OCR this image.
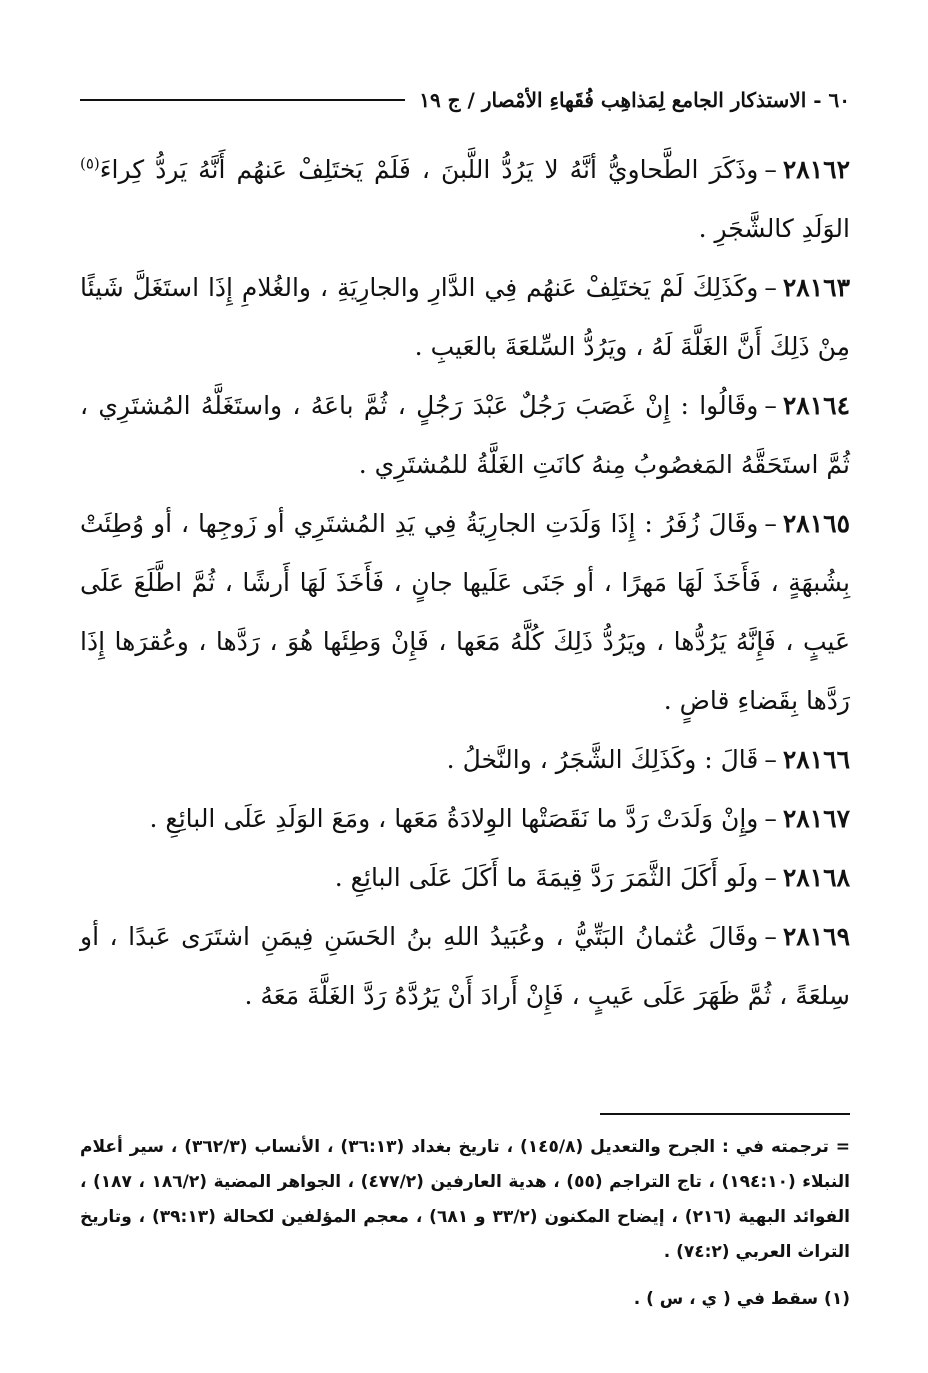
٦٠ - الاستذكار الجامع لِمَذاهِب فُقَهاءِ الأمْصار / ج ١٩

٢٨١٦٢–وذَكَرَ الطَّحاويُّ أنَّهُ لا يَرُدُّ اللَّبنَ ، فَلَمْ يَختَلِفْ عَنهُم أَنَّهُ يَردُّ كِراءَ$^{(٥)}$ الوَلَدِ كالشَّجَرِ .

٢٨١٦٣–وكَذَلِكَ لَمْ يَختَلِفْ عَنهُم فِي الدَّارِ والجارِيَةِ ، والغُلامِ إِذَا استَغَلَّ شَيئًا مِنْ ذَلِكَ أَنَّ الغَلَّةَ لَهُ ، ويَرُدُّ السِّلعَةَ بالعَيبِ .

٢٨١٦٤–وقَالُوا : إِنْ غَصَبَ رَجُلٌ عَبْدَ رَجُلٍ ، ثُمَّ باعَهُ ، واستَغَلَّهُ المُشتَرِي ، ثُمَّ استَحَقَّهُ المَغصُوبُ مِنهُ كانَتِ الغَلَّةُ للمُشتَرِي .

٢٨١٦٥–وقَالَ زُفَرُ : إِذَا وَلَدَتِ الجارِيَةُ فِي يَدِ المُشتَرِي أو زَوجِها ، أو وُطِئَتْ بِشُبهَةٍ ، فَأَخَذَ لَهَا مَهرًا ، أو جَنَى عَلَيها جانٍ ، فَأَخَذَ لَهَا أَرشًا ، ثُمَّ اطَّلَعَ عَلَى عَيبٍ ، فَإِنَّهُ يَرُدُّها ، ويَرُدُّ ذَلِكَ كُلَّهُ مَعَها ، فَإِنْ وَطِئَها هُوَ ، رَدَّها ، وعُقرَها إِذَا رَدَّها بِقَضاءِ قاضٍ .

٢٨١٦٦–قَالَ : وكَذَلِكَ الشَّجَرُ ، والنَّخلُ .

٢٨١٦٧–وإِنْ وَلَدَتْ رَدَّ ما نَقَصَتْها الوِلادَةُ مَعَها ، ومَعَ الوَلَدِ عَلَى البائِعِ .

٢٨١٦٨–ولَو أَكَلَ الثَّمَرَ رَدَّ قِيمَةَ ما أَكَلَ عَلَى البائِعِ .

٢٨١٦٩–وقَالَ عُثمانُ البَتِّيُّ ، وعُبَيدُ اللهِ بنُ الحَسَنِ فِيمَنِ اشتَرَى عَبدًا ، أو سِلعَةً ، ثُمَّ ظَهَرَ عَلَى عَيبٍ ، فَإِنْ أَرادَ أَنْ يَرُدَّهُ رَدَّ الغَلَّةَ مَعَهُ .

= ترجمته في : الجرح والتعديل (١٤٥/٨) ، تاريخ بغداد (٣٦:١٣) ، الأنساب (٣٦٢/٣) ، سير أعلام النبلاء (١٩٤:١٠) ، تاج التراجم (٥٥) ، هدية العارفين (٤٧٧/٢) ، الجواهر المضية (١٨٦/٢ ، ١٨٧) ، الفوائد البهية (٢١٦) ، إيضاح المكنون (٣٣/٢ و ٦٨١) ، معجم المؤلفين لكحالة (٣٩:١٣) ، وتاريخ التراث العربي (٧٤:٢) .

(١) سقط في ( ي ، س ) .
